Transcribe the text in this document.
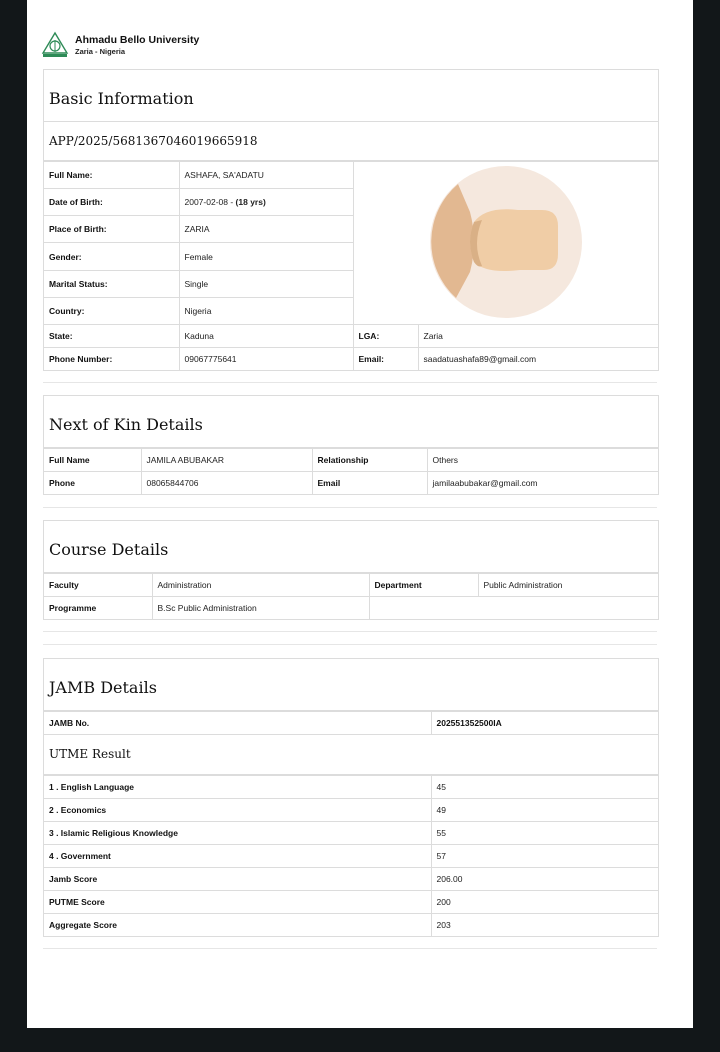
Ahmadu Bello University
Zaria - Nigeria
Basic Information
APP/2025/5681367046019665918
Full Name:	ASHAFA, SA'ADATU	
Date of Birth:	2007-02-08 - (18 yrs)		
Place of Birth:	ZARIA		
Gender:	Female		
Marital Status:	Single		
Country:	Nigeria		
State:	Kaduna	LGA:	Zaria
Phone Number:	09067775641	Email:	saadatuashafa89@gmail.com
Next of Kin Details
Full Name	JAMILA ABUBAKAR	Relationship	Others
Phone	08065844706	Email	jamilaabubakar@gmail.com
Course Details
Faculty	Administration	Department	Public Administration
Programme	B.Sc Public Administration		
JAMB Details
JAMB No.	202551352500IA
UTME Result
1 . English Language	45
2 . Economics	49
3 . Islamic Religious Knowledge	55
4 . Government	57
Jamb Score	206.00
PUTME Score	200
Aggregate Score	203
